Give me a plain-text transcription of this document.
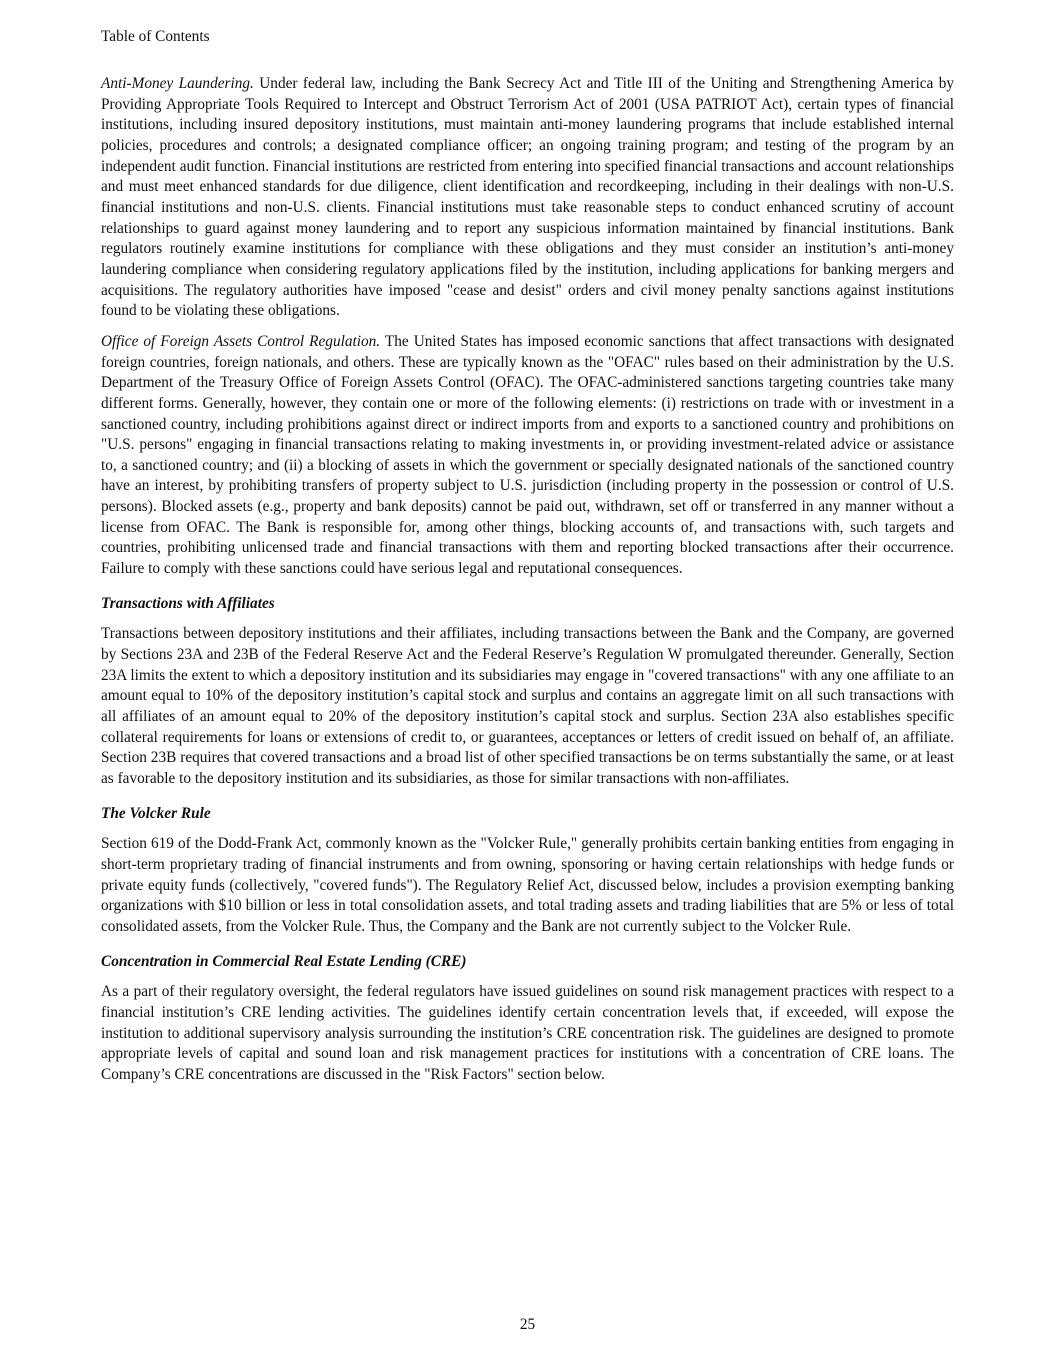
Table of Contents

Anti-Money Laundering. Under federal law, including the Bank Secrecy Act and Title III of the Uniting and Strengthening America by Providing Appropriate Tools Required to Intercept and Obstruct Terrorism Act of 2001 (USA PATRIOT Act), certain types of financial institutions, including insured depository institutions, must maintain anti-money laundering programs that include established internal policies, procedures and controls; a designated compliance officer; an ongoing training program; and testing of the program by an independent audit function. Financial institutions are restricted from entering into specified financial transactions and account relationships and must meet enhanced standards for due diligence, client identification and recordkeeping, including in their dealings with non-U.S. financial institutions and non-U.S. clients. Financial institutions must take reasonable steps to conduct enhanced scrutiny of account relationships to guard against money laundering and to report any suspicious information maintained by financial institutions. Bank regulators routinely examine institutions for compliance with these obligations and they must consider an institution’s anti-money laundering compliance when considering regulatory applications filed by the institution, including applications for banking mergers and acquisitions. The regulatory authorities have imposed "cease and desist" orders and civil money penalty sanctions against institutions found to be violating these obligations.

Office of Foreign Assets Control Regulation. The United States has imposed economic sanctions that affect transactions with designated foreign countries, foreign nationals, and others. These are typically known as the "OFAC" rules based on their administration by the U.S. Department of the Treasury Office of Foreign Assets Control (OFAC). The OFAC-administered sanctions targeting countries take many different forms. Generally, however, they contain one or more of the following elements: (i) restrictions on trade with or investment in a sanctioned country, including prohibitions against direct or indirect imports from and exports to a sanctioned country and prohibitions on "U.S. persons" engaging in financial transactions relating to making investments in, or providing investment-related advice or assistance to, a sanctioned country; and (ii) a blocking of assets in which the government or specially designated nationals of the sanctioned country have an interest, by prohibiting transfers of property subject to U.S. jurisdiction (including property in the possession or control of U.S. persons). Blocked assets (e.g., property and bank deposits) cannot be paid out, withdrawn, set off or transferred in any manner without a license from OFAC. The Bank is responsible for, among other things, blocking accounts of, and transactions with, such targets and countries, prohibiting unlicensed trade and financial transactions with them and reporting blocked transactions after their occurrence. Failure to comply with these sanctions could have serious legal and reputational consequences.

Transactions with Affiliates

Transactions between depository institutions and their affiliates, including transactions between the Bank and the Company, are governed by Sections 23A and 23B of the Federal Reserve Act and the Federal Reserve’s Regulation W promulgated thereunder. Generally, Section 23A limits the extent to which a depository institution and its subsidiaries may engage in "covered transactions" with any one affiliate to an amount equal to 10% of the depository institution’s capital stock and surplus and contains an aggregate limit on all such transactions with all affiliates of an amount equal to 20% of the depository institution’s capital stock and surplus. Section 23A also establishes specific collateral requirements for loans or extensions of credit to, or guarantees, acceptances or letters of credit issued on behalf of, an affiliate. Section 23B requires that covered transactions and a broad list of other specified transactions be on terms substantially the same, or at least as favorable to the depository institution and its subsidiaries, as those for similar transactions with non-affiliates.

The Volcker Rule

Section 619 of the Dodd-Frank Act, commonly known as the "Volcker Rule," generally prohibits certain banking entities from engaging in short-term proprietary trading of financial instruments and from owning, sponsoring or having certain relationships with hedge funds or private equity funds (collectively, "covered funds"). The Regulatory Relief Act, discussed below, includes a provision exempting banking organizations with $10 billion or less in total consolidation assets, and total trading assets and trading liabilities that are 5% or less of total consolidated assets, from the Volcker Rule. Thus, the Company and the Bank are not currently subject to the Volcker Rule.

Concentration in Commercial Real Estate Lending (CRE)

As a part of their regulatory oversight, the federal regulators have issued guidelines on sound risk management practices with respect to a financial institution’s CRE lending activities. The guidelines identify certain concentration levels that, if exceeded, will expose the institution to additional supervisory analysis surrounding the institution’s CRE concentration risk. The guidelines are designed to promote appropriate levels of capital and sound loan and risk management practices for institutions with a concentration of CRE loans. The Company’s CRE concentrations are discussed in the "Risk Factors" section below.

25
